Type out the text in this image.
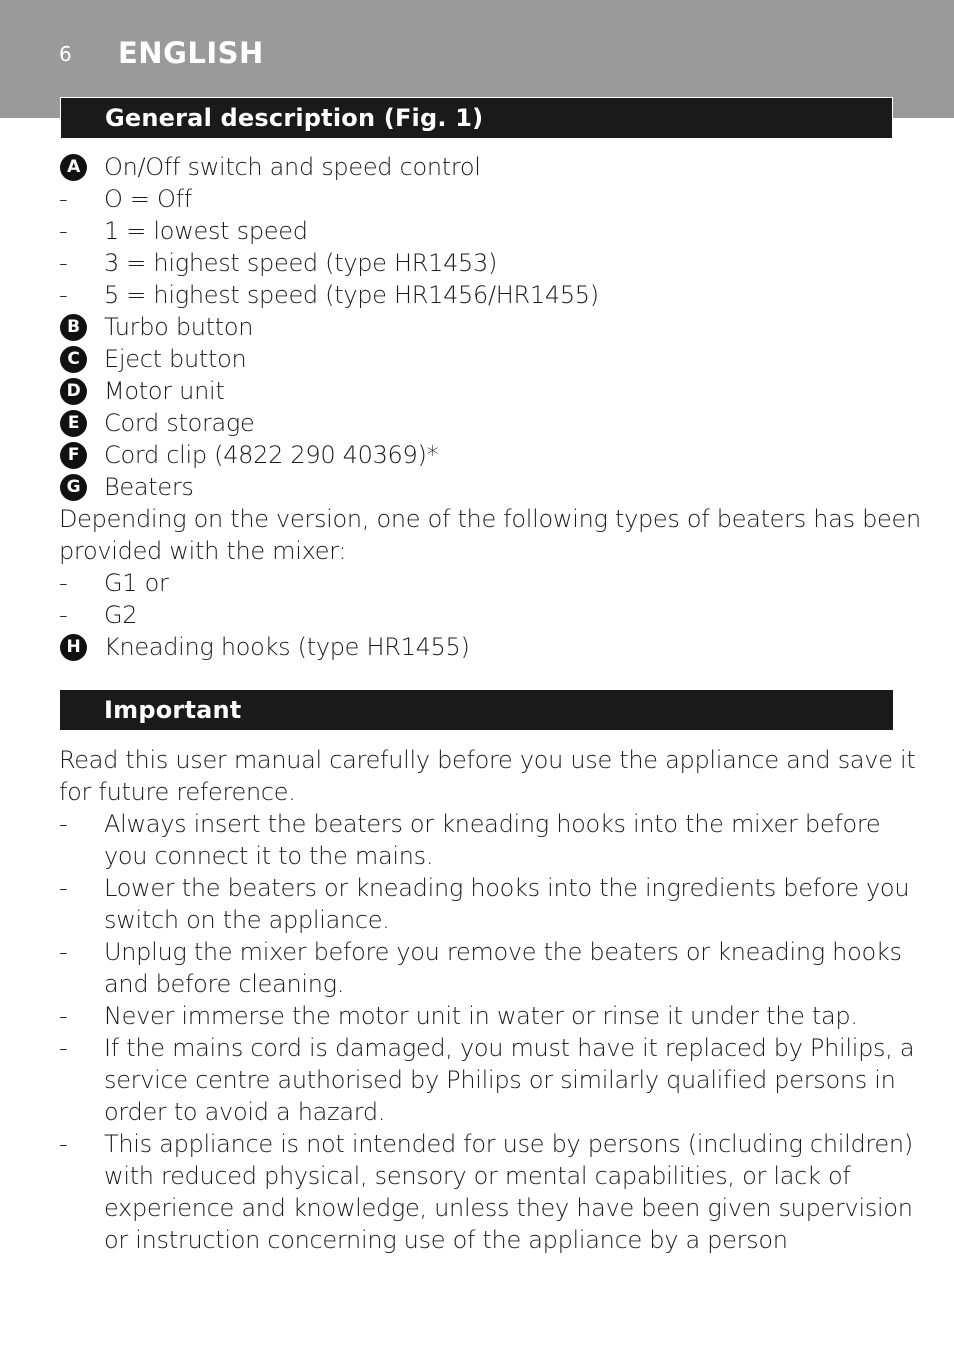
6 ENGLISH
General description (Fig. 1)
A On/Off switch and speed control
-	O = Off
-	1 = lowest speed
-	3 = highest speed (type HR1453)
-	5 = highest speed (type HR1456/HR1455)
B Turbo button
C	Eject button
D Motor unit
E	Cord storage
F	Cord clip (4822 290 40369)*
G Beaters
Depending on the version, one of the following types of beaters has been
provided with the mixer:
-	G1 or
-	G2
H Kneading hooks (type HR1455)
Important
Read this user manual carefully before you use the appliance and save it
for future reference.
-	Always insert the beaters or kneading hooks into the mixer before
you connect it to the mains.
-	Lower the beaters or kneading hooks into the ingredients before you
switch on the appliance.
-	Unplug the mixer before you remove the beaters or kneading hooks
and before cleaning.
-	Never immerse the motor unit in water or rinse it under the tap.
-	If the mains cord is damaged, you must have it replaced by Philips, a
service centre authorised by Philips or similarly qualified persons in
order to avoid a hazard.
-	This appliance is not intended for use by persons (including children)
with reduced physical, sensory or mental capabilities, or lack of
experience and knowledge, unless they have been given supervision
or instruction concerning use of the appliance by a person
